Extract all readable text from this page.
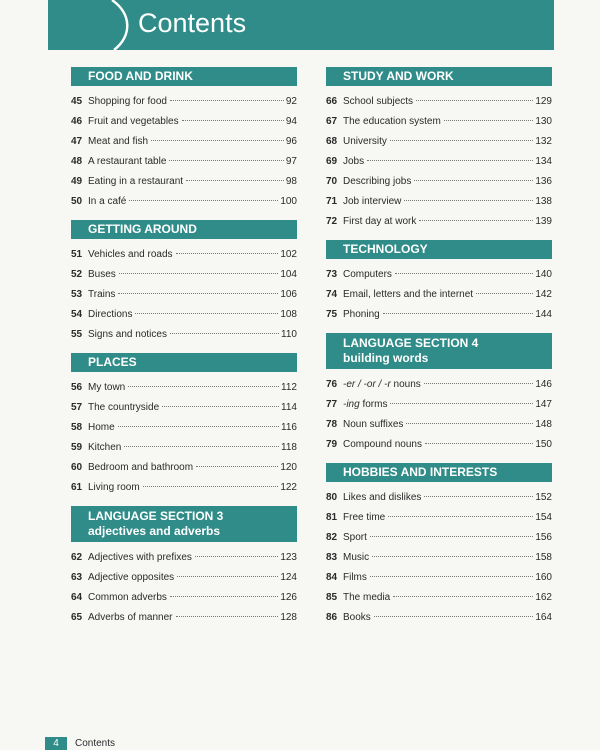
Contents
FOOD AND DRINK
45 Shopping for food	92
46 Fruit and vegetables	94
47 Meat and fish	96
48 A restaurant table	97
49 Eating in a restaurant	98
50 In a café	100
GETTING AROUND
51 Vehicles and roads	102
52 Buses	104
53 Trains	106
54 Directions	108
55 Signs and notices	110
PLACES
56 My town	112
57 The countryside	114
58 Home	116
59 Kitchen	118
60 Bedroom and bathroom	120
61 Living room	122
LANGUAGE SECTION 3
adjectives and adverbs
62 Adjectives with prefixes	123
63 Adjective opposites	124
64 Common adverbs	126
65 Adverbs of manner	128
STUDY AND WORK
66 School subjects	129
67 The education system	130
68 University	132
69 Jobs	134
70 Describing jobs	136
71 Job interview	138
72 First day at work	139
TECHNOLOGY
73 Computers	140
74 Email, letters and the internet	142
75 Phoning	144
LANGUAGE SECTION 4
building words
76 -er / -or / -r nouns	146
77 -ing forms	147
78 Noun suffixes	148
79 Compound nouns	150
HOBBIES AND INTERESTS
80 Likes and dislikes	152
81 Free time	154
82 Sport	156
83 Music	158
84 Films	160
85 The media	162
86 Books	164
4	Contents
